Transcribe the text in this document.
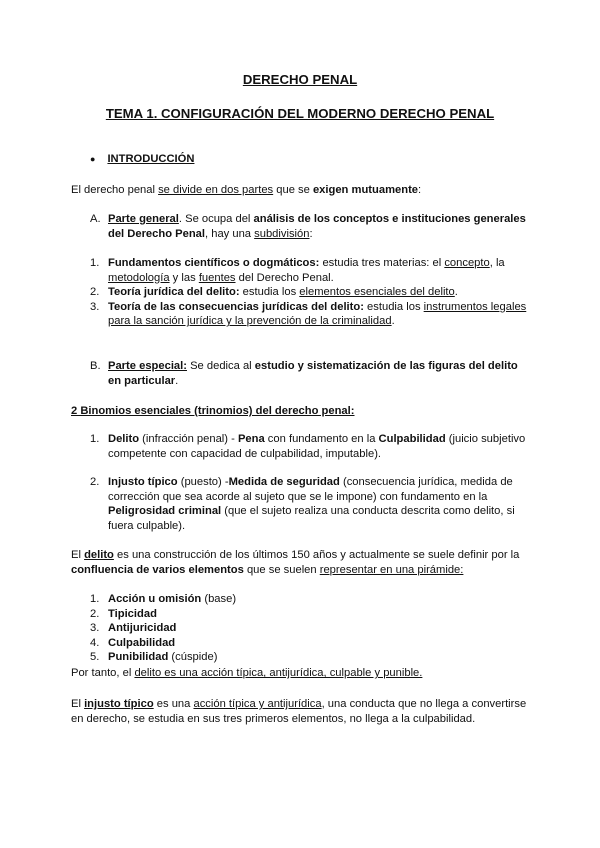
DERECHO PENAL
TEMA 1. CONFIGURACIÓN DEL MODERNO DERECHO PENAL
● INTRODUCCIÓN

El derecho penal se divide en dos partes que se exigen mutuamente:

A. Parte general. Se ocupa del análisis de los conceptos e instituciones generales del Derecho Penal, hay una subdivisión:

1. Fundamentos científicos o dogmáticos: estudia tres materias: el concepto, la metodología y las fuentes del Derecho Penal.

2. Teoría jurídica del delito: estudia los elementos esenciales del delito.

3. Teoría de las consecuencias jurídicas del delito: estudia los instrumentos legales para la sanción jurídica y la prevención de la criminalidad.

B. Parte especial: Se dedica al estudio y sistematización de las figuras del delito en particular.

2 Binomios esenciales (trinomios) del derecho penal:

1. Delito (infracción penal) - Pena con fundamento en la Culpabilidad (juicio subjetivo competente con capacidad de culpabilidad, imputable).

2. Injusto típico (puesto) -Medida de seguridad (consecuencia jurídica, medida de corrección que sea acorde al sujeto que se le impone) con fundamento en la Peligrosidad criminal (que el sujeto realiza una conducta descrita como delito, si fuera culpable).

El delito es una construcción de los últimos 150 años y actualmente se suele definir por la confluencia de varios elementos que se suelen representar en una pirámide:

1. Acción u omisión (base)

2. Tipicidad

3. Antijuricidad

4. Culpabilidad

5. Punibilidad (cúspide)

Por tanto, el delito es una acción típica, antijurídica, culpable y punible.

El injusto típico es una acción típica y antijurídica, una conducta que no llega a convertirse en derecho, se estudia en sus tres primeros elementos, no llega a la culpabilidad.
